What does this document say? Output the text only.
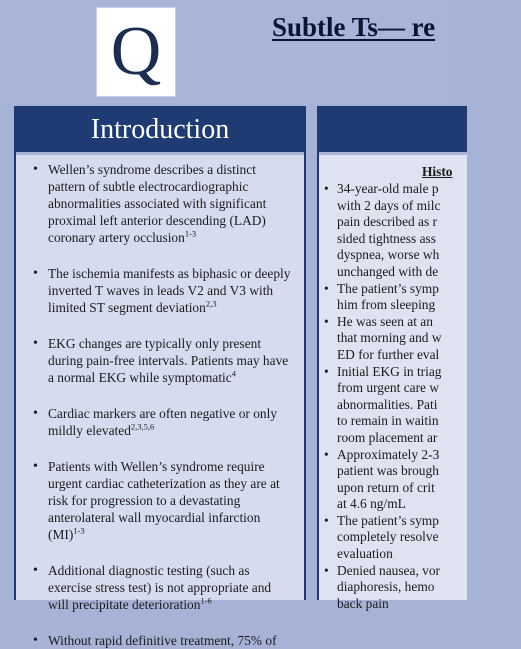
Q	Subtle Ts— re
Introduction
• Wellen’s syndrome describes a distinct pattern of subtle electrocardiographic abnormalities associated with significant proximal left anterior descending (LAD) coronary artery occlusion$^{1-3}$
• The ischemia manifests as biphasic or deeply inverted T waves in leads V2 and V3 with limited ST segment deviation$^{2,3}$
• EKG changes are typically only present during pain-free intervals. Patients may have a normal EKG while symptomatic$^4$
• Cardiac markers are often negative or only mildly elevated$^{2,3,5,6}$
• Patients with Wellen’s syndrome require urgent cardiac catheterization as they are at risk for progression to a devastating anterolateral wall myocardial infarction (MI)$^{1-3}$
• Additional diagnostic testing (such as exercise stress test) is not appropriate and will precipitate deterioration$^{1-6}$
• Without rapid definitive treatment, 75% of
Histo
• 34-year-old male p
with 2 days of milc
pain described as r
sided tightness ass
dyspnea, worse wh
unchanged with de
• The patient’s symp
him from sleeping
• He was seen at an
that morning and w
ED for further eval
• Initial EKG in triag
from urgent care w
abnormalities. Pati
to remain in waitin
room placement ar
• Approximately 2-3
patient was brough
upon return of crit
at 4.6 ng/mL
• The patient’s symp
completely resolve
evaluation
• Denied nausea, vor
diaphoresis, hemo
back pain
